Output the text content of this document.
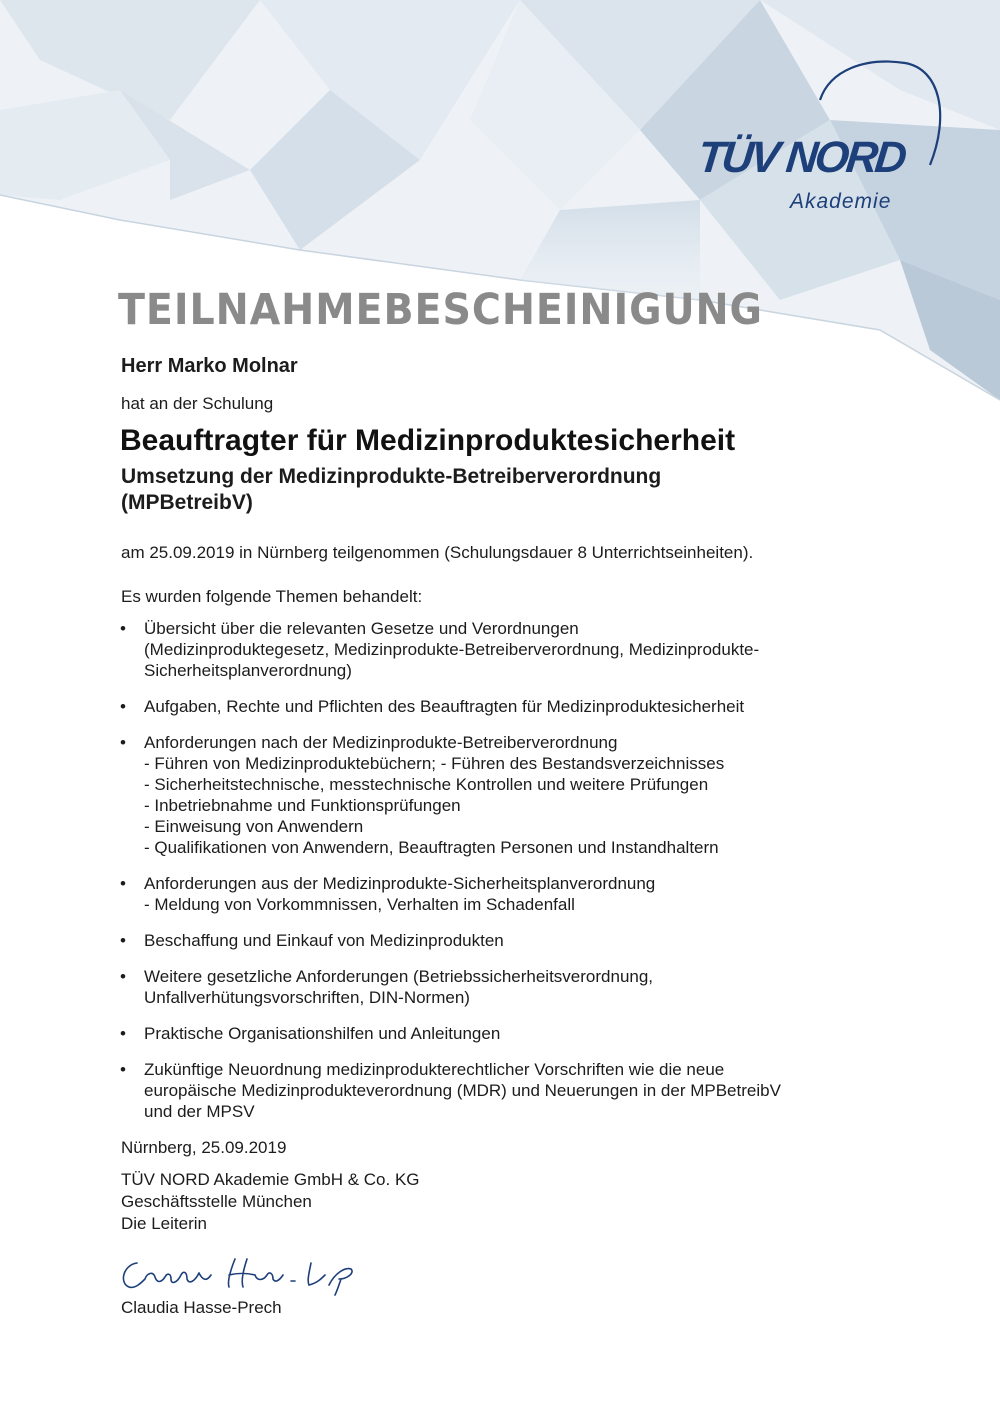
TÜV NORD
Akademie
TEILNAHMEBESCHEINIGUNG
Herr Marko Molnar
hat an der Schulung
Beauftragter für Medizinproduktesicherheit
Umsetzung der Medizinprodukte-Betreiberverordnung
(MPBetreibV)
am 25.09.2019 in Nürnberg teilgenommen (Schulungsdauer 8 Unterrichtseinheiten).
Es wurden folgende Themen behandelt:
• Übersicht über die relevanten Gesetze und Verordnungen
(Medizinproduktegesetz, Medizinprodukte-Betreiberverordnung, Medizinprodukte-
Sicherheitsplanverordnung)
• Aufgaben, Rechte und Pflichten des Beauftragten für Medizinproduktesicherheit
• Anforderungen nach der Medizinprodukte-Betreiberverordnung
- Führen von Medizinproduktebüchern; - Führen des Bestandsverzeichnisses
- Sicherheitstechnische, messtechnische Kontrollen und weitere Prüfungen
- Inbetriebnahme und Funktionsprüfungen
- Einweisung von Anwendern
- Qualifikationen von Anwendern, Beauftragten Personen und Instandhaltern
• Anforderungen aus der Medizinprodukte-Sicherheitsplanverordnung
- Meldung von Vorkommnissen, Verhalten im Schadenfall
• Beschaffung und Einkauf von Medizinprodukten
• Weitere gesetzliche Anforderungen (Betriebssicherheitsverordnung,
Unfallverhütungsvorschriften, DIN-Normen)
• Praktische Organisationshilfen und Anleitungen
• Zukünftige Neuordnung medizinprodukterechtlicher Vorschriften wie die neue
europäische Medizinprodukteverordnung (MDR) und Neuerungen in der MPBetreibV
und der MPSV
Nürnberg, 25.09.2019
TÜV NORD Akademie GmbH & Co. KG
Geschäftsstelle München
Die Leiterin
Claudia Hasse-Prech
